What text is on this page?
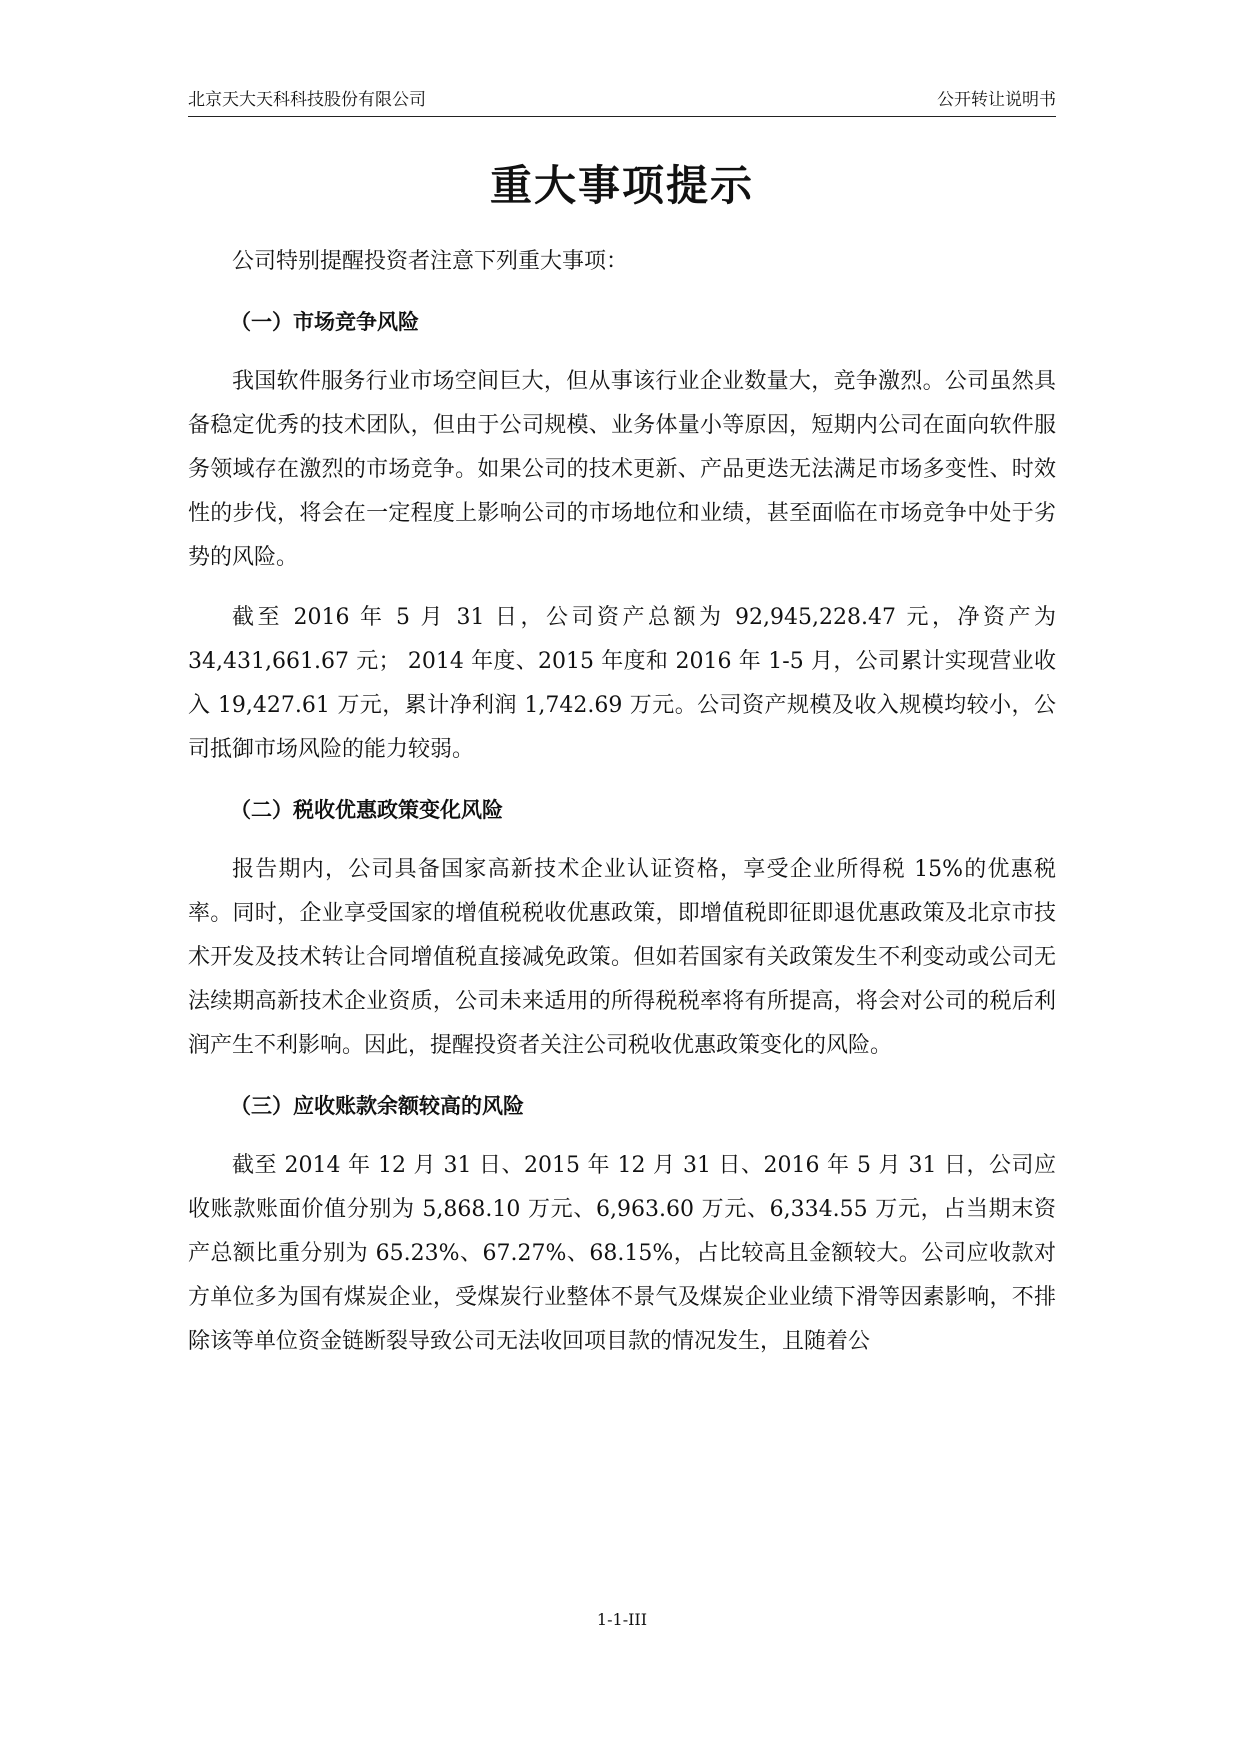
北京天大天科科技股份有限公司	公开转让说明书
重大事项提示

公司特别提醒投资者注意下列重大事项：

（一）市场竞争风险

我国软件服务行业市场空间巨大，但从事该行业企业数量大，竞争激烈。公司虽然具备稳定优秀的技术团队，但由于公司规模、业务体量小等原因，短期内公司在面向软件服务领域存在激烈的市场竞争。如果公司的技术更新、产品更迭无法满足市场多变性、时效性的步伐，将会在一定程度上影响公司的市场地位和业绩，甚至面临在市场竞争中处于劣势的风险。

截至 2016 年 5 月 31 日，公司资产总额为 92,945,228.47 元，净资产为 34,431,661.67 元； 2014 年度、2015 年度和 2016 年 1-5 月，公司累计实现营业收入 19,427.61 万元，累计净利润 1,742.69 万元。公司资产规模及收入规模均较小，公司抵御市场风险的能力较弱。

（二）税收优惠政策变化风险

报告期内，公司具备国家高新技术企业认证资格，享受企业所得税 15%的优惠税率。同时，企业享受国家的增值税税收优惠政策，即增值税即征即退优惠政策及北京市技术开发及技术转让合同增值税直接减免政策。但如若国家有关政策发生不利变动或公司无法续期高新技术企业资质，公司未来适用的所得税税率将有所提高，将会对公司的税后利润产生不利影响。因此，提醒投资者关注公司税收优惠政策变化的风险。

（三）应收账款余额较高的风险

截至 2014 年 12 月 31 日、2015 年 12 月 31 日、2016 年 5 月 31 日，公司应收账款账面价值分别为 5,868.10 万元、6,963.60 万元、6,334.55 万元，占当期末资产总额比重分别为 65.23%、67.27%、68.15%，占比较高且金额较大。公司应收款对方单位多为国有煤炭企业，受煤炭行业整体不景气及煤炭企业业绩下滑等因素影响，不排除该等单位资金链断裂导致公司无法收回项目款的情况发生，且随着公

1-1-III
